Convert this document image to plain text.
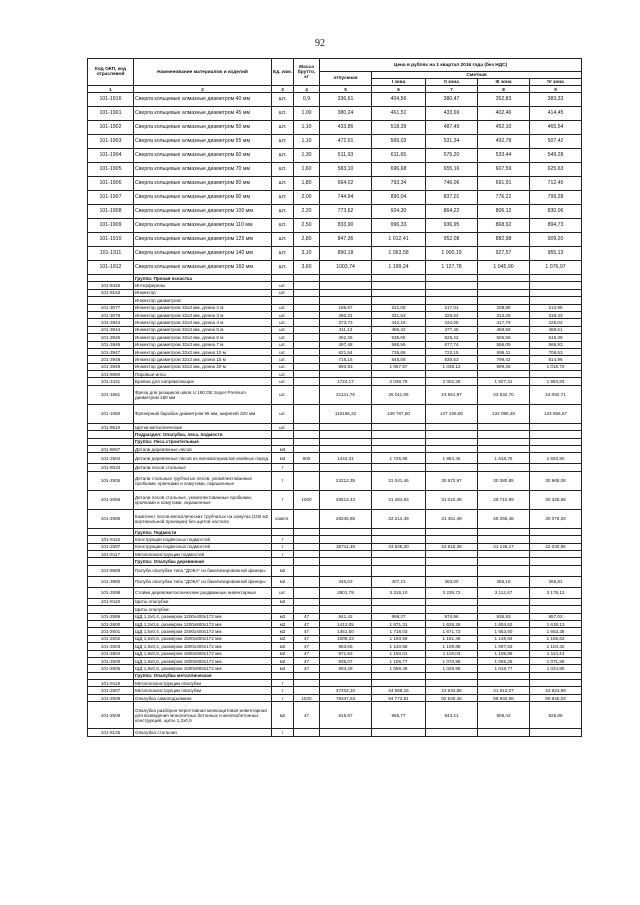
92
Код ОКП, код отраслевой	Наименование материалов и изделий	Ед. изм.	Масса брутто, кг	Цена в рублях на 1 квартал 2016 года (без НДС)				
				отпускная	Сметная			
					I зона	II зона	III зона	IV зона
1	2	3	4	5	6	7	8	9
101-1916	Сверла кольцевые алмазные диаметром 40 мм	шт.	0,9	336,61	404,56	380,47	352,83	383,33
101-1901	Сверла кольцевые алмазные диаметром 45 мм	шт.	1,00	380,24	461,51	433,69	402,46	414,45
101-1902	Сверла кольцевые алмазные диаметром 50 мм	шт.	1,10	433,86	518,39	487,49	452,10	465,54
101-1903	Сверла кольцевые алмазные диаметром 55 мм	шт.	1,10	472,91	565,03	531,34	492,78	507,42
101-1904	Сверла кольцевые алмазные диаметром 60 мм	шт.	1,30	511,93	611,65	575,20	533,44	549,28
101-1905	Сверла кольцевые алмазные диаметром 70 мм	шт.	1,60	583,10	696,68	655,16	607,59	625,63
101-1906	Сверла кольцевые алмазные диаметром 80 мм	шт.	1,80	664,02	793,34	746,06	691,91	712,45
101-1907	Сверла кольцевые алмазные диаметром 90 мм	шт.	2,00	744,94	890,04	837,01	776,22	799,28
101-1908	Сверла кольцевые алмазные диаметром 100 мм	шт.	2,20	773,62	924,30	864,22	806,12	830,06
101-1909	Сверла кольцевые алмазные диаметром 110 мм	шт.	2,50	833,90	996,33	936,95	868,92	894,73
101-1910	Сверла кольцевые алмазные диаметром 125 мм	шт.	2,80	847,36	1 012,41	952,08	882,98	909,20
101-1911	Сверла кольцевые алмазные диаметром 140 мм	шт.	3,10	890,18	1 063,58	1 000,19	927,57	955,13
101-1912	Сверла кольцевые алмазные диаметром 160 мм	шт.	3,60	1003,74	1 199,24	1 127,78	1 045,90	1 076,97
	Группа: Прочая оснастка							
101-9426	Интерферены	шт.						
101-9163	Инжектор	шт.						
	Инжектор диаметром							
101-3077	Инжектор диаметром 32х3 мм, длина 2 м	шт.		186,87	221,08	217,01	208,88	212,99
101-3078	Инжектор диаметром 32х3 мм, длина 3 м	шт.		280,31	331,63	325,52	313,25	318,43
101-3943	Инжектор диаметром 32х3 мм, длина 4 м	шт.		373,73	442,16	434,05	417,79	425,02
101-3944	Инжектор диаметром 32х3 мм, длина 5 м	шт.		411,14	486,42	477,46	459,59	468,51
101-3945	Инжектор диаметром 32х3 мм, длина 6 м	шт.		452,26	535,06	525,22	505,55	515,39
101-3946	Инжектор диаметром 32х3 мм, длина 7 м	шт.		497,48	588,56	577,74	556,09	566,93
101-3947	Инжектор диаметром 32х3 мм, длина 10 м	шт.		621,84	735,68	722,15	695,11	708,63
101-3948	Инжектор диаметром 32х3 мм, длина 15 м	шт.		715,16	846,08	830,53	799,42	814,96
101-3949	Инжектор диаметром 32х3 мм, длина 20 м	шт.		893,93	1 057,57	1 038,12	999,25	1 018,70
101-9550	Паровые иглы	шт.						
101-2431	Бревна для напрямляющих	шт.		1724,17	2 039,79	2 002,28	1 927,31	1 964,83
101-1661	Фреза для резщиков швов U 180 DE Super Premium диаметром 180 мм	шт.		21141,76	25 011,96	24 551,97	23 632,70	24 092,71
101-1660	Фрезерный барабан диаметром 65 мм, шириной 320 мм	шт.		116166,22	139 787,60	137 226,50	132 088,48	134 656,57
101-9610	Щетки металлические	шт.						
	Подраздел: Опалубка, леса, подмости							
	Группа: Леса строительные							
101-9067	Детали деревянные лесов	м3						
101-2504	Детали деревянные лесов из пиломатериалов хвойных пород	м3	600	1444,31	1 725,68	1 884,45	1 618,76	1 653,50
101-9033	Детали лесов стальные	т						
101-2505	Детали стальные трубчатых лесов, укомплектованные пробками, крючками и хомутами, окрашенные	т		23212,35	31 041,46	30 672,97	30 380,85	30 965,08
101-2066	Детали лесов стальные, укомплектованные пробками, крючками и хомутами, окрашенные	т	1000	28513,43	31 284,93	31 010,38	29 710,99	30 326,68
101-2596	Комплект лесов металлических трубчатых на хомутах (100 м2 вертикальной проекции) без щитов настила	компл.		28245,86	33 214,49	31 451,49	29 266,48	30 076,20
	Группа: Подмости							
101-9116	Конструкции подвесных подмостей	т						
101-2597	Конструкции подвесных подмостей	т		36711,49	43 845,30	42 815,36	41 146,17	42 030,96
101-9117	Металлоконструкции подмостей	т						
	Группа: Опалубка деревянная							
101-9868	Палуба опалубки типа "ДОКА" из бакелизированной фанеры	м2						
101-3980	Палуба опалубки типа "ДОКА" из бакелизированной фанеры	м2		340,63	407,21	383,00	355,15	365,81
101-2698	Стойки деревометаллические раздвижные инвентарные	шт.		2601,79	3 316,10	3 238,72	3 112,47	3 178,13
101-9118	Щиты опалубки	м2						
	Щиты опалубки:							
101-2599	ЩД 1,2х0,4, размером 1200х400х172 мм	м2	47	841,42	998,27	974,96	936,93	957,02
101-2600	ЩД 1,2х0,6, размером 1200х600х172 мм	м2	47	1412,05	1 671,31	1 626,26	1 604,62	1 618,13
101-2601	ЩД 1,5х0,4, размером 1500х400х172 мм	м2	47	1451,50	1 718,03	1 671,73	1 653,60	1 663,38
101-2602	ЩД 1,5х0,6, размером 1500х600х172 мм	м2	47	1008,43	1 193,59	1 161,46	1 148,84	1 155,63
101-2603	ЩД 1,8х0,4, размером 1800х400х172 мм	м2	47	963,65	1 140,58	1 109,88	1 097,83	1 104,32
101-2604	ЩД 1,8х0,5, размером 1800х500х172 мм	м2	47	971,83	1 150,01	1 119,03	1 106,89	1 113,44
101-2605	ЩД 1,8х0,6, размером 1800х600х172 мм	м2	47	935,07	1 106,77	1 076,98	1 065,26	1 071,58
101-2606	ЩД 1,8х0,8, размером 1800х800х172 мм	м2	47	894,28	1 058,49	1 029,98	1 018,77	1 024,80
	Группа: Опалубка металлическая							
101-9119	Металлоконструкции опалубки	т						
101-2607	Металлоконструкции опалубки	т		37402,10	44 666,15	43 634,88	41 912,07	42 824,99
101-2608	Опалубка самоподъемная	т	1020	79347,53	94 772,81	92 540,46	88 932,68	90 845,03
101-2609	Опалубка разборно-переставная мелкощитовая инвентарная для возведения монолитных бетонных и железобетонных конструкций, щиты 1,2х0,5	м2	47	815,97	965,77	943,21	906,43	925,86
101-9125	Опалубка стальная	т						
